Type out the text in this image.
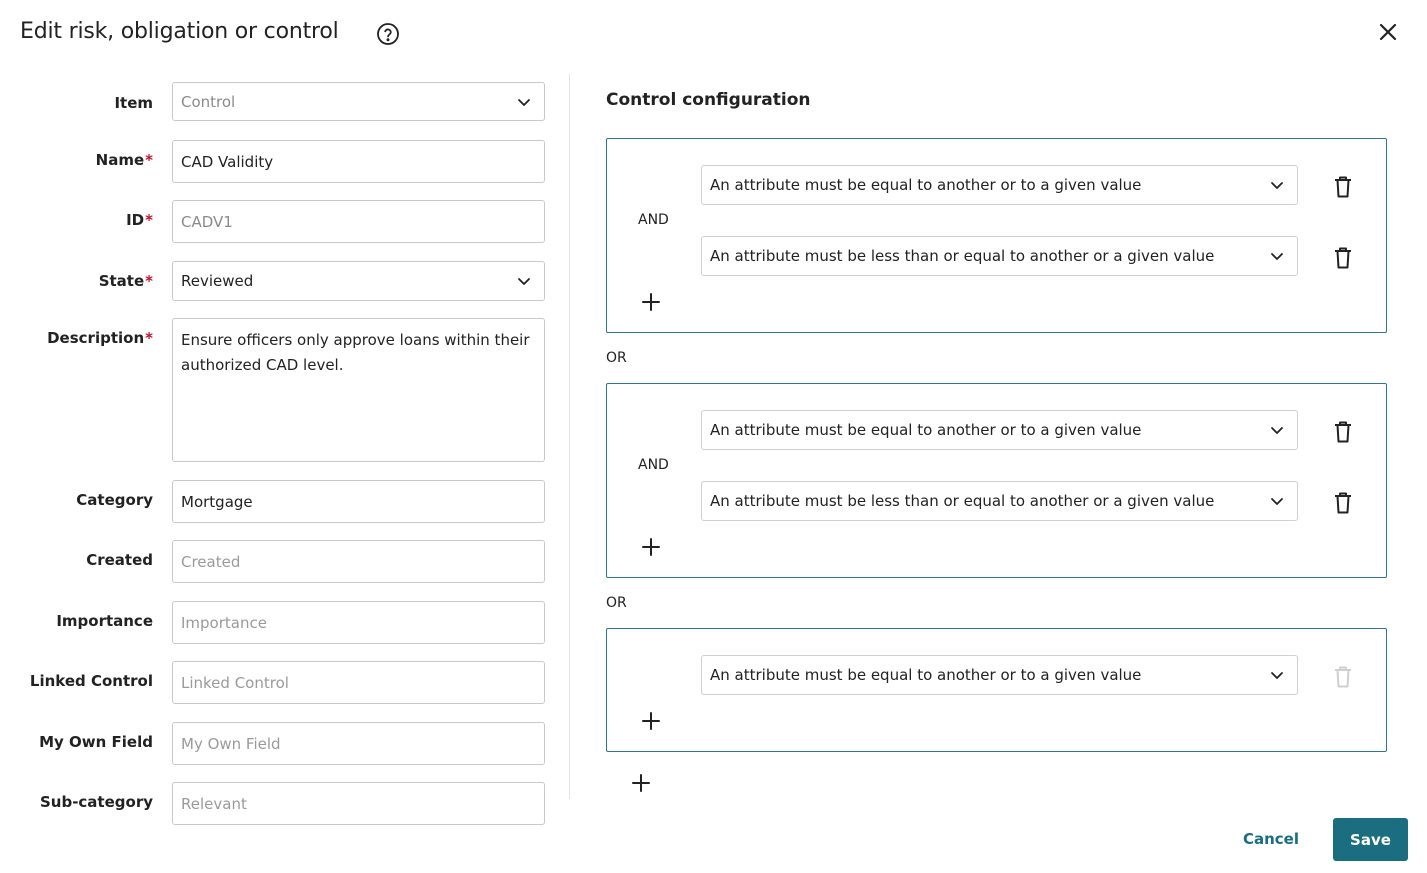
Edit risk, obligation or control
Item Control
Name* CAD Validity
ID* CADV1
State* Reviewed
Description* Ensure officers only approve loans within their authorized CAD level.
Category Mortgage
Created Created
Importance Importance
Linked Control Linked Control
My Own Field My Own Field
Sub-category Relevant
Control configuration
AND
An attribute must be equal to another or to a given value
An attribute must be less than or equal to another or a given value
OR
AND
An attribute must be equal to another or to a given value
An attribute must be less than or equal to another or a given value
OR
An attribute must be equal to another or to a given value
Cancel	Save
